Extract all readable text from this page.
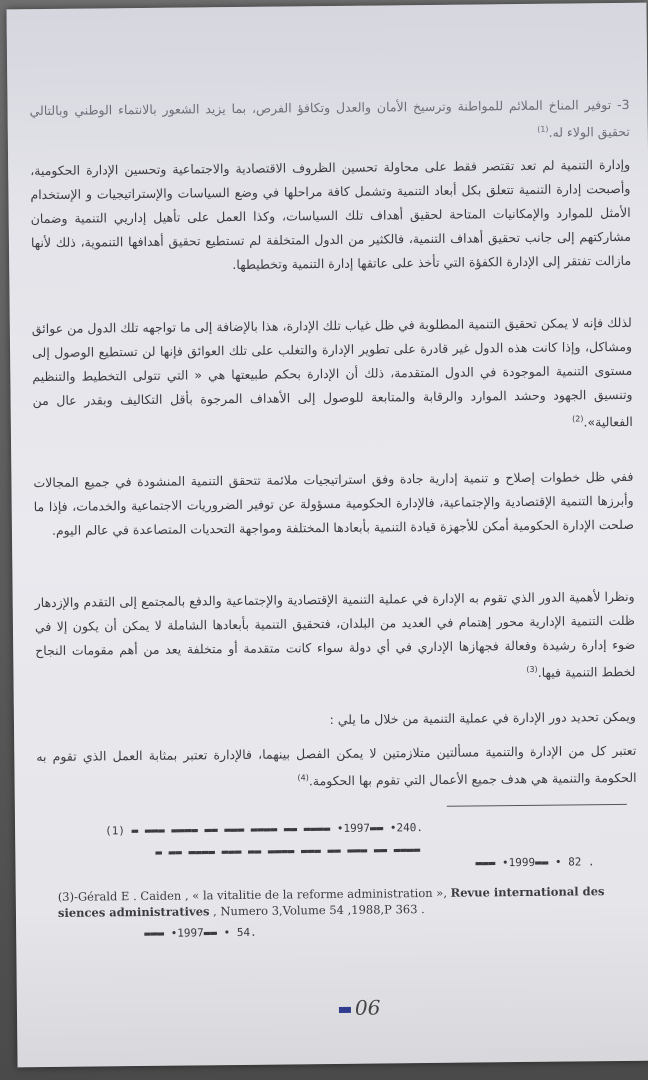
3- توفير المناخ الملائم للمواطنة وترسيخ الأمان والعدل وتكافؤ الفرص، بما يزيد الشعور بالانتماء الوطني وبالتالي تحقيق الولاء له.$^{(1)}$
وإدارة التنمية لم تعد تقتصر فقط على محاولة تحسين الظروف الاقتصادية والاجتماعية وتحسين الإدارة الحكومية، وأصبحت إدارة التنمية تتعلق بكل أبعاد التنمية وتشمل كافة مراحلها في وضع السياسات والإستراتيجيات و الإستخدام الأمثل للموارد والإمكانيات المتاحة لحقيق أهداف تلك السياسات، وكذا العمل على تأهيل إداريي التنمية وضمان مشاركتهم إلى جانب تحقيق أهداف التنمية، فالكثير من الدول المتخلفة لم تستطيع تحقيق أهدافها التنموية، ذلك لأنها مازالت تفتقر إلى الإدارة الكفؤة التي تأخذ على عاتقها إدارة التنمية وتخطيطها.
لذلك فإنه لا يمكن تحقيق التنمية المطلوبة في ظل غياب تلك الإدارة، هذا بالإضافة إلى ما تواجهه تلك الدول من عوائق ومشاكل، وإذا كانت هذه الدول غير قادرة على تطوير الإدارة والتغلب على تلك العوائق فإنها لن تستطيع الوصول إلى مستوى التنمية الموجودة في الدول المتقدمة، ذلك أن الإدارة بحكم طبيعتها هي « التي تتولى التخطيط والتنظيم وتنسيق الجهود وحشد الموارد والرقابة والمتابعة للوصول إلى الأهداف المرجوة بأقل التكاليف وبقدر عال من الفعالية».$^{(2)}$
ففي ظل خطوات إصلاح و تنمية إدارية جادة وفق استراتيجيات ملائمة تتحقق التنمية المنشودة في جميع المجالات وأبرزها التنمية الإقتصادية والإجتماعية، فالإدارة الحكومية مسؤولة عن توفير الضروريات الاجتماعية والخدمات، فإذا ما صلحت الإدارة الحكومية أمكن للأجهزة قيادة التنمية بأبعادها المختلفة ومواجهة التحديات المتصاعدة في عالم اليوم.
ونظرا لأهمية الدور الذي تقوم به الإدارة في عملية التنمية الإقتصادية والإجتماعية والدفع بالمجتمع إلى التقدم والإزدهار ظلت التنمية الإدارية محور إهتمام في العديد من البلدان، فتحقيق التنمية بأبعادها الشاملة لا يمكن أن يكون إلا في ضوء إدارة رشيدة وفعالة فجهازها الإداري في أي دولة سواء كانت متقدمة أو متخلفة يعد من أهم مقومات النجاح لخطط التنمية فيها.$^{(3)}$
ويمكن تحديد دور الإدارة في عملية التنمية من خلال ما يلي :
تعتبر كل من الإدارة والتنمية مسألتين متلازمتين لا يمكن الفصل بينهما، فالإدارة تعتبر بمثابة العمل الذي تقوم به الحكومة والتنمية هي هدف جميع الأعمال التي تقوم بها الحكومة.$^{(4)}$
(1) ▬ ▬▬▬ ▬▬▬▬ ▬▬ ▬▬▬ ▬▬▬▬ ▬▬ ▬▬▬▬ •1997▬▬ •240.
▬ ▬▬ ▬▬▬▬ ▬▬▬ ▬▬ ▬▬▬▬ ▬▬▬ ▬▬ ▬▬▬ ▬▬ ▬▬▬▬
▬▬▬ •1999▬▬ • 82 .
(3)-Gérald E . Caiden , « la vitalitie de la reforme administration », Revue international des siences administratives , Numero 3,Volume 54 ,1988,P 363 .
▬▬▬ •1997▬▬ • 54.
06
